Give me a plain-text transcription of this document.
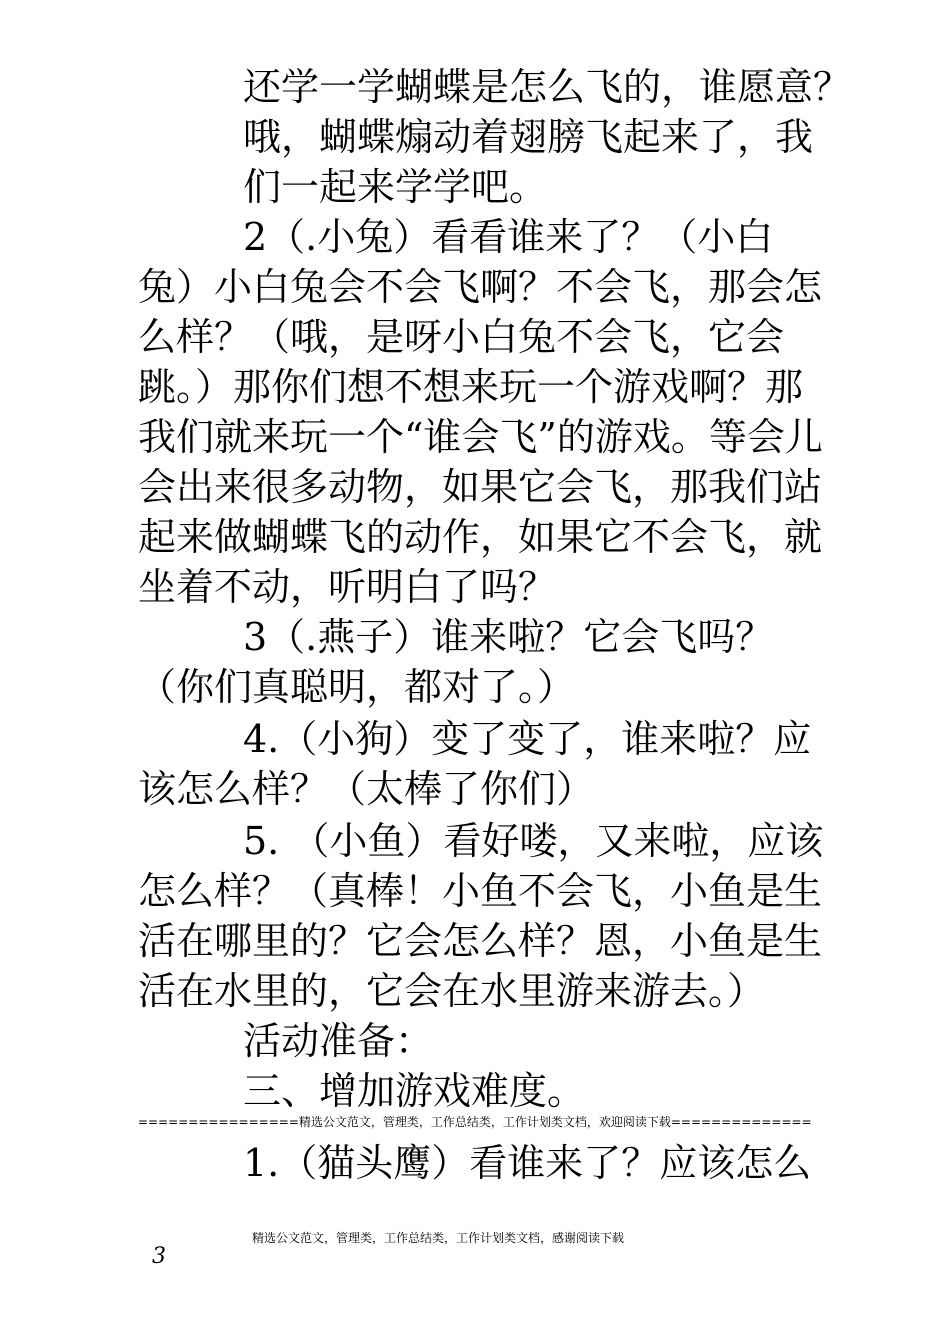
还学一学蝴蝶是怎么飞的，谁愿意？
哦，蝴蝶煽动着翅膀飞起来了，我
们一起来学学吧。
2（.小兔）看看谁来了？（小白
兔）小白兔会不会飞啊？不会飞，那会怎
么样？（哦，是呀小白兔不会飞，它会
跳。）那你们想不想来玩一个游戏啊？那
我们就来玩一个“谁会飞”的游戏。等会儿
会出来很多动物，如果它会飞，那我们站
起来做蝴蝶飞的动作，如果它不会飞，就
坐着不动，听明白了吗？
3（.燕子）谁来啦？它会飞吗？
（你们真聪明，都对了。）
4.（小狗）变了变了，谁来啦？应
该怎么样？（太棒了你们）
5. （小鱼）看好喽，又来啦，应该
怎么样？（真棒！小鱼不会飞，小鱼是生
活在哪里的？它会怎么样？恩，小鱼是生
活在水里的，它会在水里游来游去。）
活动准备：
三、增加游戏难度。
================精选公文范文，管理类，工作总结类，工作计划类文档，欢迎阅读下载==============
1.（猫头鹰）看谁来了？应该怎么
精选公文范文，管理类，工作总结类，工作计划类文档，感谢阅读下载
3
